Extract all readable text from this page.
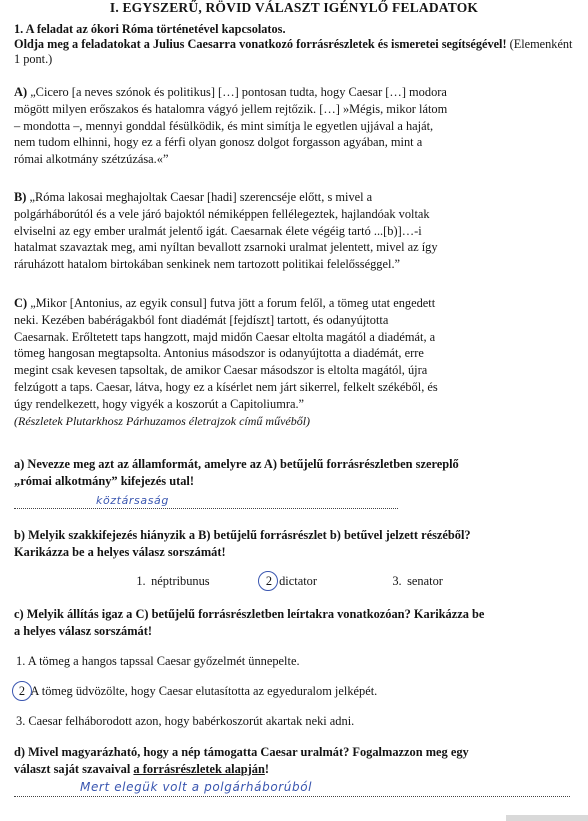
I. EGYSZERŰ, RÖVID VÁLASZT IGÉNYLŐ FELADATOK
1. A feladat az ókori Róma történetével kapcsolatos.
Oldja meg a feladatokat a Julius Caesarra vonatkozó forrásrészletek és ismeretei segítségével! (Elemenként 1 pont.)
A) „Cicero [a neves szónok és politikus] […] pontosan tudta, hogy Caesar […] modora
mögött milyen erőszakos és hatalomra vágyó jellem rejtőzik. […] »Mégis, mikor látom
– mondotta –, mennyi gonddal fésülködik, és mint simítja le egyetlen ujjával a haját,
nem tudom elhinni, hogy ez a férfi olyan gonosz dolgot forgasson agyában, mint a
római alkotmány szétzúzása.«”
B) „Róma lakosai meghajoltak Caesar [hadi] szerencséje előtt, s mivel a
polgárháborútól és a vele járó bajoktól némiképpen fellélegeztek, hajlandóak voltak
elviselni az egy ember uralmát jelentő igát. Caesarnak élete végéig tartó ...[b)]…-i
hatalmat szavaztak meg, ami nyíltan bevallott zsarnoki uralmat jelentett, mivel az így
ráruházott hatalom birtokában senkinek nem tartozott politikai felelősséggel.”
C) „Mikor [Antonius, az egyik consul] futva jött a forum felől, a tömeg utat engedett
neki. Kezében babérágakból font diadémát [fejdíszt] tartott, és odanyújtotta
Caesarnak. Erőltetett taps hangzott, majd midőn Caesar eltolta magától a diadémát, a
tömeg hangosan megtapsolta. Antonius másodszor is odanyújtotta a diadémát, erre
megint csak kevesen tapsoltak, de amikor Caesar másodszor is eltolta magától, újra
felzúgott a taps. Caesar, látva, hogy ez a kísérlet nem járt sikerrel, felkelt székéből, és
úgy rendelkezett, hogy vigyék a koszorút a Capitoliumra.”
(Részletek Plutarkhosz Párhuzamos életrajzok című művéből)
a) Nevezze meg azt az államformát, amelyre az A) betűjelű forrásrészletben szereplő
„római alkotmány” kifejezés utal!
köztársaság
b) Melyik szakkifejezés hiányzik a B) betűjelű forrásrészlet b) betűvel jelzett részéből?
Karikázza be a helyes válasz sorszámát!
1. néptribunus	2 dictator	3. senator
c) Melyik állítás igaz a C) betűjelű forrásrészletben leírtakra vonatkozóan? Karikázza be
a helyes válasz sorszámát!
1. A tömeg a hangos tapssal Caesar győzelmét ünnepelte.
2 A tömeg üdvözölte, hogy Caesar elutasította az egyeduralom jelképét.
3. Caesar felháborodott azon, hogy babérkoszorút akartak neki adni.
d) Mivel magyarázható, hogy a nép támogatta Caesar uralmát? Fogalmazzon meg egy
választ saját szavaival a forrásrészletek alapján!
Mert elegük volt a polgárháborúból
